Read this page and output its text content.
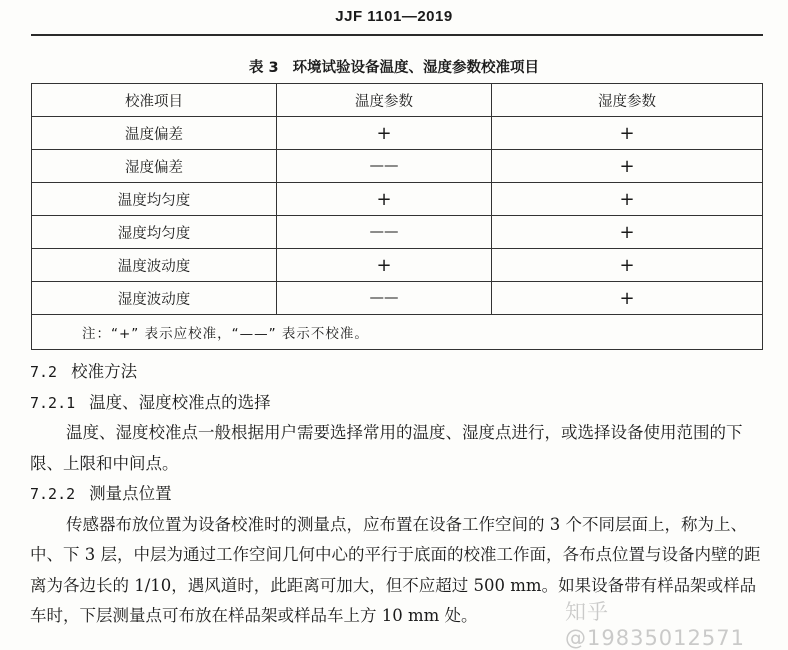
JJF 1101—2019
表 3 环境试验设备温度、湿度参数校准项目
校准项目	温度参数	湿度参数
温度偏差	+	+
湿度偏差	——	+
温度均匀度	+	+
湿度均匀度	——	+
温度波动度	+	+
湿度波动度	——	+
注：“+” 表示应校准，“——” 表示不校准。		

7.2 校准方法

7.2.1 温度、湿度校准点的选择

温度、湿度校准点一般根据用户需要选择常用的温度、湿度点进行，或选择设备使用范围的下限、上限和中间点。

7.2.2 测量点位置

传感器布放位置为设备校准时的测量点，应布置在设备工作空间的 3 个不同层面上，称为上、中、下 3 层，中层为通过工作空间几何中心的平行于底面的校准工作面，各布点位置与设备内壁的距离为各边长的 1/10，遇风道时，此距离可加大，但不应超过 500 mm。如果设备带有样品架或样品车时，下层测量点可布放在样品架或样品车上方 10 mm 处。	知乎 @19835012571
